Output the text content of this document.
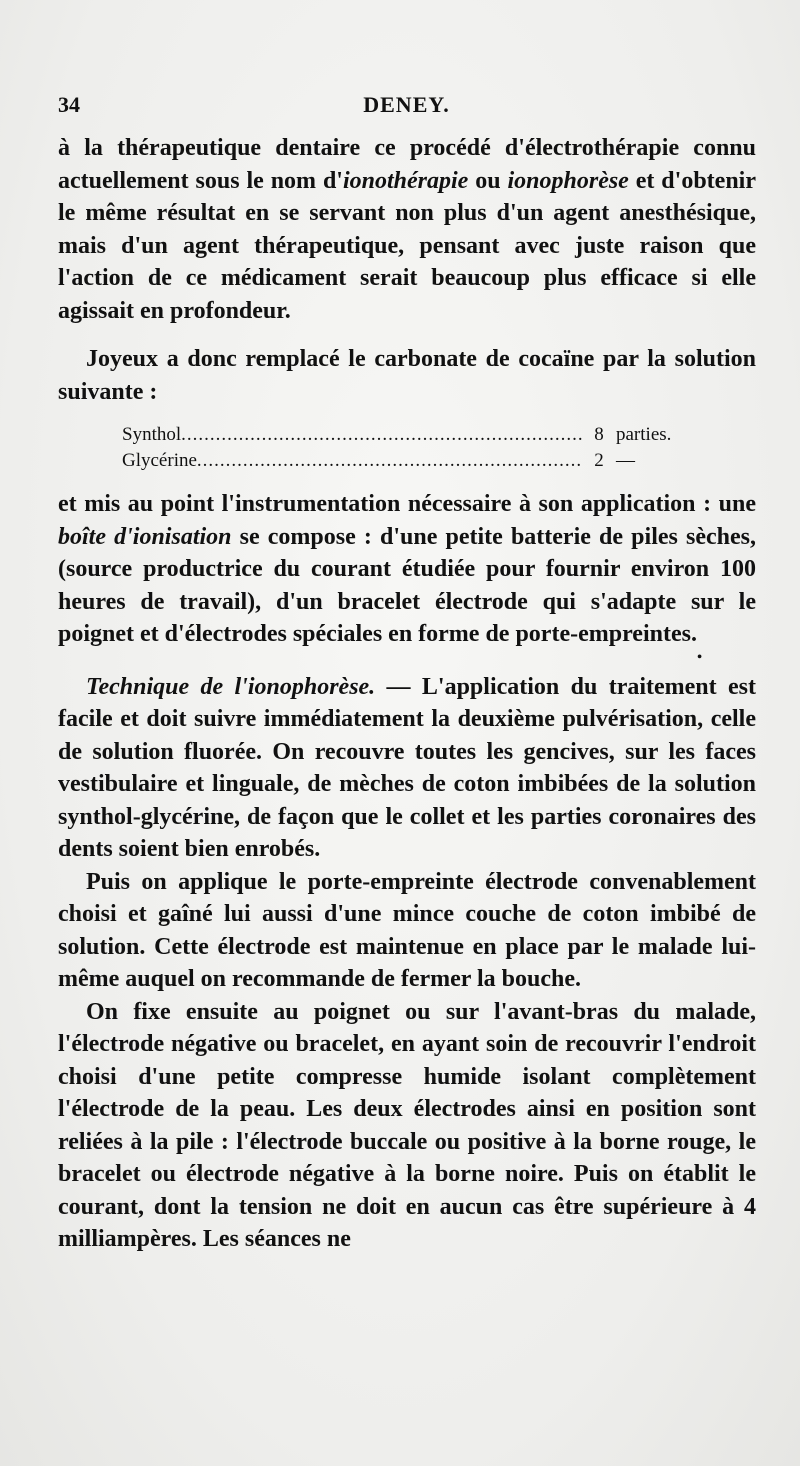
34	DENEY.

à la thérapeutique dentaire ce procédé d'électrothérapie connu actuellement sous le nom d'ionothérapie ou ionophorèse et d'obtenir le même résultat en se servant non plus d'un agent anesthésique, mais d'un agent thérapeutique, pensant avec juste raison que l'action de ce médicament serait beaucoup plus efficace si elle agissait en profondeur.

Joyeux a donc remplacé le carbonate de cocaïne par la solution suivante :

Synthol .....	8 parties.
Glycérine .....	2 —

et mis au point l'instrumentation nécessaire à son application : une boîte d'ionisation se compose : d'une petite batterie de piles sèches, (source productrice du courant étudiée pour fournir environ 100 heures de travail), d'un bracelet électrode qui s'adapte sur le poignet et d'électrodes spéciales en forme de porte-empreintes.

•

Technique de l'ionophorèse. — L'application du traitement est facile et doit suivre immédiatement la deuxième pulvérisation, celle de solution fluorée. On recouvre toutes les gencives, sur les faces vestibulaire et linguale, de mèches de coton imbibées de la solution synthol-glycérine, de façon que le collet et les parties coronaires des dents soient bien enrobés.

Puis on applique le porte-empreinte électrode convenablement choisi et gaîné lui aussi d'une mince couche de coton imbibé de solution. Cette électrode est maintenue en place par le malade lui-même auquel on recommande de fermer la bouche.

On fixe ensuite au poignet ou sur l'avant-bras du malade, l'électrode négative ou bracelet, en ayant soin de recouvrir l'endroit choisi d'une petite compresse humide isolant complètement l'électrode de la peau. Les deux électrodes ainsi en position sont reliées à la pile : l'électrode buccale ou positive à la borne rouge, le bracelet ou électrode négative à la borne noire. Puis on établit le courant, dont la tension ne doit en aucun cas être supérieure à 4 milliampères. Les séances ne
